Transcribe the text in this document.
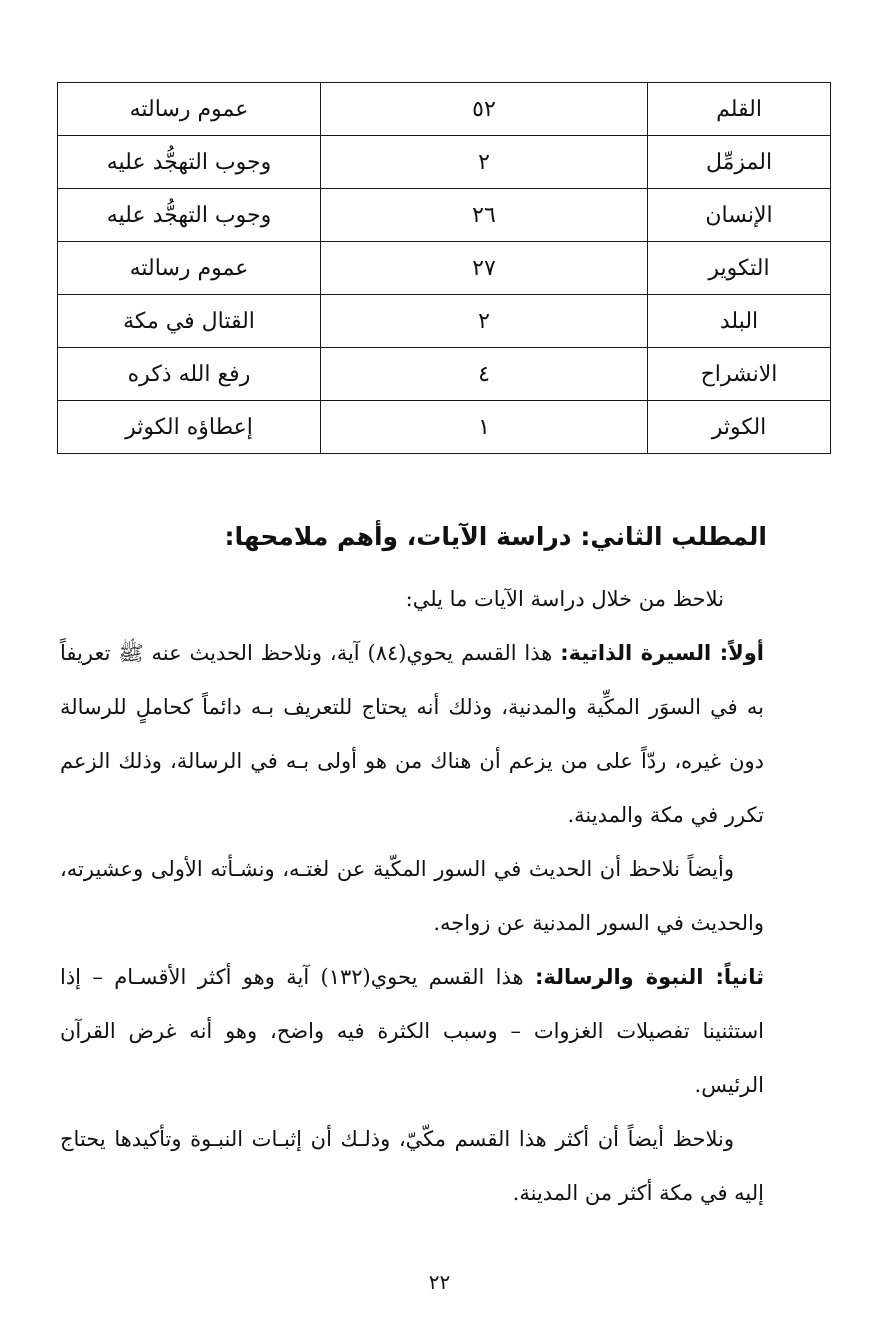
القلم	٥٢	عموم رسالته
المزمِّل	٢	وجوب التهجُّد عليه
الإنسان	٢٦	وجوب التهجُّد عليه
التكوير	٢٧	عموم رسالته
البلد	٢	القتال في مكة
الانشراح	٤	رفع الله ذكره
الكوثر	١	إعطاؤه الكوثر
المطلب الثاني: دراسة الآيات، وأهم ملامحها:

نلاحظ من خلال دراسة الآيات ما يلي:

أولاً: السيرة الذاتية: هذا القسم يحوي(٨٤) آية، ونلاحظ الحديث عنه ﷺ تعريفاً به في السوَر المكِّية والمدنية، وذلك أنه يحتاج للتعريف بـه دائماً كحاملٍ للرسالة دون غيره، ردّاً على من يزعم أن هناك من هو أولى بـه في الرسالة، وذلك الزعم تكرر في مكة والمدينة.

وأيضاً نلاحظ أن الحديث في السور المكّية عن لغتـه، ونشـأته الأولى وعشيرته، والحديث في السور المدنية عن زواجه.

ثانياً: النبوة والرسالة: هذا القسم يحوي(١٣٢) آية وهو أكثر الأقسـام – إذا استثنينا تفصيلات الغزوات – وسبب الكثرة فيه واضح، وهو أنه غرض القرآن الرئيس.

ونلاحظ أيضاً أن أكثر هذا القسم مكّيّ، وذلـك أن إثبـات النبـوة وتأكيدها يحتاج إليه في مكة أكثر من المدينة.

٢٢
